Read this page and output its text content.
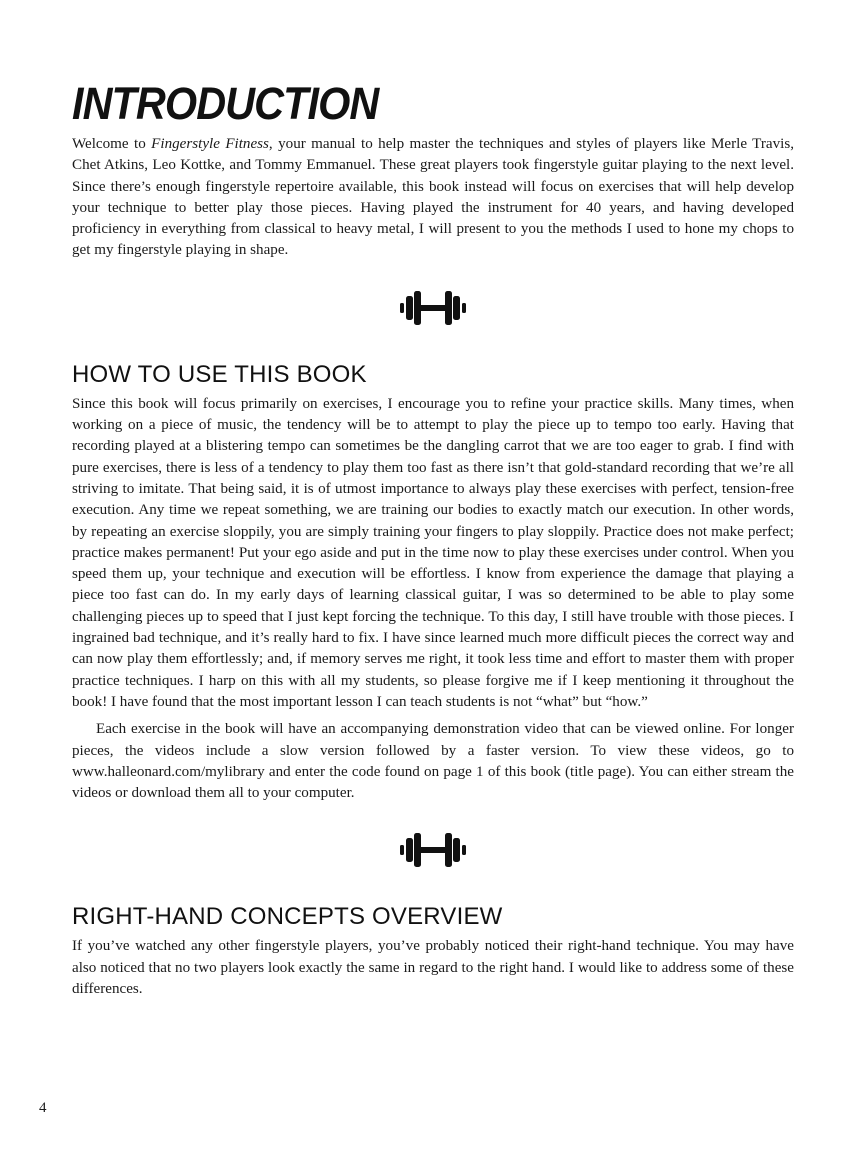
INTRODUCTION

Welcome to Fingerstyle Fitness, your manual to help master the techniques and styles of players like Merle Travis, Chet Atkins, Leo Kottke, and Tommy Emmanuel. These great players took fingerstyle guitar playing to the next level. Since there’s enough fingerstyle repertoire available, this book instead will focus on exercises that will help develop your technique to better play those pieces. Having played the instrument for 40 years, and having developed proficiency in everything from classical to heavy metal, I will present to you the methods I used to hone my chops to get my fingerstyle playing in shape.

HOW TO USE THIS BOOK

Since this book will focus primarily on exercises, I encourage you to refine your practice skills. Many times, when working on a piece of music, the tendency will be to attempt to play the piece up to tempo too early. Having that recording played at a blistering tempo can sometimes be the dangling carrot that we are too eager to grab. I find with pure exercises, there is less of a tendency to play them too fast as there isn’t that gold-standard recording that we’re all striving to imitate. That being said, it is of utmost importance to always play these exercises with perfect, tension-free execution. Any time we repeat something, we are training our bodies to exactly match our execution. In other words, by repeating an exercise sloppily, you are simply training your fingers to play sloppily. Practice does not make perfect; practice makes permanent! Put your ego aside and put in the time now to play these exercises under control. When you speed them up, your technique and execution will be effortless. I know from experience the damage that playing a piece too fast can do. In my early days of learning classical guitar, I was so determined to be able to play some challenging pieces up to speed that I just kept forcing the technique. To this day, I still have trouble with those pieces. I ingrained bad technique, and it’s really hard to fix. I have since learned much more difficult pieces the correct way and can now play them effortlessly; and, if memory serves me right, it took less time and effort to master them with proper practice techniques. I harp on this with all my students, so please forgive me if I keep mentioning it throughout the book! I have found that the most important lesson I can teach students is not “what” but “how.”

Each exercise in the book will have an accompanying demonstration video that can be viewed online. For longer pieces, the videos include a slow version followed by a faster version. To view these videos, go to www.halleonard.com/mylibrary and enter the code found on page 1 of this book (title page). You can either stream the videos or download them all to your computer.

RIGHT-HAND CONCEPTS OVERVIEW

If you’ve watched any other fingerstyle players, you’ve probably noticed their right-hand technique. You may have also noticed that no two players look exactly the same in regard to the right hand. I would like to address some of these differences.

4
